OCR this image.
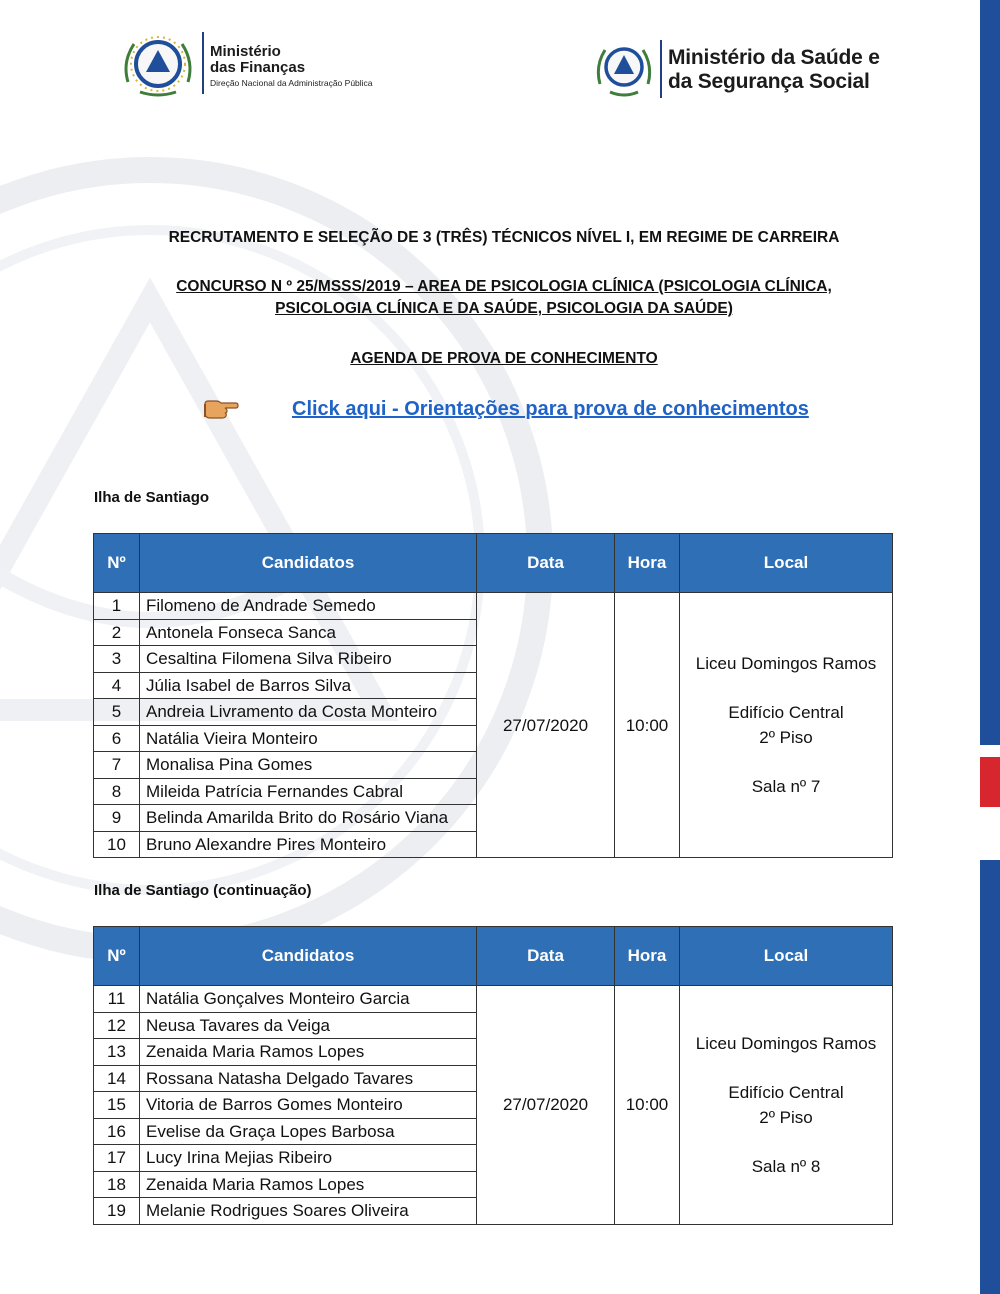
Ministério
das Finanças
Direção Nacional da Administração Pública
Ministério da Saúde e
da Segurança Social
RECRUTAMENTO E SELEÇÃO DE 3 (TRÊS) TÉCNICOS NÍVEL I, EM REGIME DE CARREIRA
CONCURSO N º 25/MSSS/2019 – AREA DE PSICOLOGIA CLÍNICA (PSICOLOGIA CLÍNICA,
PSICOLOGIA CLÍNICA E DA SAÚDE, PSICOLOGIA DA SAÚDE)
AGENDA DE PROVA DE CONHECIMENTO
Click aqui - Orientações para prova de conhecimentos
Ilha de Santiago
Nº	Candidatos	Data	Hora	Local
1	Filomeno de Andrade Semedo	27/07/2020	10:00	Liceu Domingos Ramos
Edifício Central
2º Piso
Sala nº 7

2	Antonela Fonseca Sanca			
3	Cesaltina Filomena Silva Ribeiro			
4	Júlia Isabel de Barros Silva			
5	Andreia Livramento da Costa Monteiro			
6	Natália Vieira Monteiro			
7	Monalisa Pina Gomes			
8	Mileida Patrícia Fernandes Cabral			
9	Belinda Amarilda Brito do Rosário Viana			
10	Bruno Alexandre Pires Monteiro			
Ilha de Santiago (continuação)
Nº	Candidatos	Data	Hora	Local
11	Natália Gonçalves Monteiro Garcia	27/07/2020	10:00	Liceu Domingos Ramos
Edifício Central
2º Piso
Sala nº 8

12	Neusa Tavares da Veiga			
13	Zenaida Maria Ramos Lopes			
14	Rossana Natasha Delgado Tavares			
15	Vitoria de Barros Gomes Monteiro			
16	Evelise da Graça Lopes Barbosa			
17	Lucy Irina Mejias Ribeiro			
18	Zenaida Maria Ramos Lopes			
19	Melanie Rodrigues Soares Oliveira			
